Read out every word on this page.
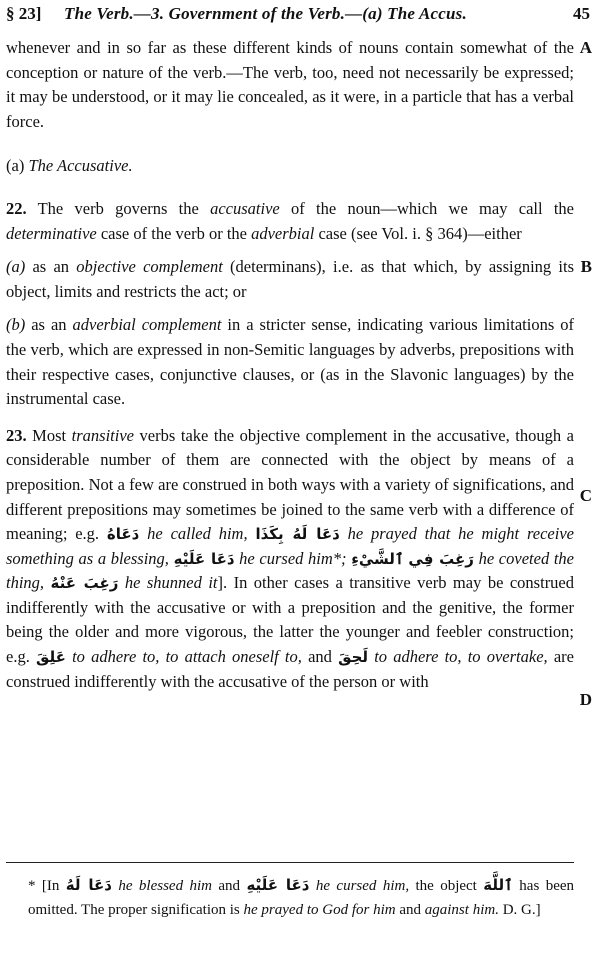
§ 23] The Verb.—3. Government of the Verb.—(a) The Accus.	45
A
B
C
D

whenever and in so far as these different kinds of nouns contain somewhat of the conception or nature of the verb.—The verb, too, need not necessarily be expressed; it may be understood, or it may lie concealed, as it were, in a particle that has a verbal force.

(a) The Accusative.

22. The verb governs the accusative of the noun—which we may call the determinative case of the verb or the adverbial case (see Vol. i. § 364)—either

(a) as an objective complement (determinans), i.e. as that which, by assigning its object, limits and restricts the act; or

(b) as an adverbial complement in a stricter sense, indicating various limitations of the verb, which are expressed in non-Semitic languages by adverbs, prepositions with their respective cases, conjunctive clauses, or (as in the Slavonic languages) by the instrumental case.

23. Most transitive verbs take the objective complement in the accusative, though a considerable number of them are connected with the object by means of a preposition. Not a few are construed in both ways with a variety of significations, and different prepositions may sometimes be joined to the same verb with a difference of meaning; e.g. دَعَاهُ he called him, دَعَا لَهُ بِكَذَا he prayed that he might receive something as a blessing, دَعَا عَلَيْهِ he cursed him*;	رَغِبَ فِي ٱلشَّيْءِ	he coveted the thing, رَغِبَ عَنْهُ he shunned it]. In other cases a transitive verb may be construed indifferently with the accusative or with a preposition and the genitive, the former being the older and more vigorous, the latter the younger and feebler construction; e.g. عَلِقَ to adhere to, to attach oneself to, and لَحِقَ to adhere to, to overtake, are construed indifferently with the accusative of the person or with

* [In دَعَا لَهُ he blessed him and دَعَا عَلَيْهِ he cursed him, the object ٱللَّهَ has been omitted. The proper signification is he prayed to God for him and against him. D. G.]
